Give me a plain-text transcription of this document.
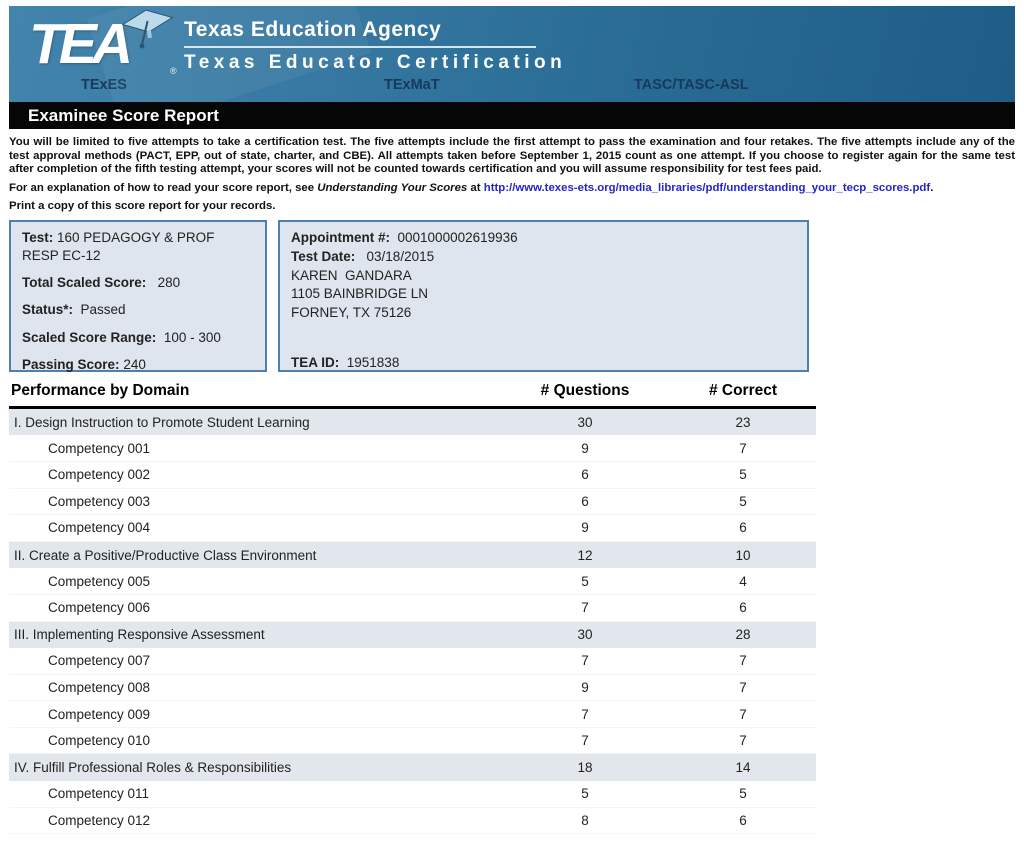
TEA	®
Texas Education Agency
Texas Educator Certification
TExES	TExMaT	TASC/TASC-ASL
Examinee Score Report
You will be limited to five attempts to take a certification test. The five attempts include the first attempt to pass the examination and four retakes. The five attempts include any of the test approval methods (PACT, EPP, out of state, charter, and CBE). All attempts taken before September 1, 2015 count as one attempt. If you choose to register again for the same test after completion of the fifth testing attempt, your scores will not be counted towards certification and you will assume responsibility for test fees paid.
For an explanation of how to read your score report, see Understanding Your Scores at http://www.texes-ets.org/media_libraries/pdf/understanding_your_tecp_scores.pdf.
Print a copy of this score report for your records.
Test: 160 PEDAGOGY & PROF RESP EC-12
Total Scaled Score: 280
Status*: Passed
Scaled Score Range: 100 - 300
Passing Score: 240
Appointment #: 0001000002619936
Test Date: 03/18/2015
KAREN  GANDARA
1105 BAINBRIDGE LN
FORNEY, TX 75126
TEA ID: 1951838
Performance by Domain	# Questions	# Correct
I. Design Instruction to Promote Student Learning	30	23
Competency 001	9	7
Competency 002	6	5
Competency 003	6	5
Competency 004	9	6
II. Create a Positive/Productive Class Environment	12	10
Competency 005	5	4
Competency 006	7	6
III. Implementing Responsive Assessment	30	28
Competency 007	7	7
Competency 008	9	7
Competency 009	7	7
Competency 010	7	7
IV. Fulfill Professional Roles & Responsibilities	18	14
Competency 011	5	5
Competency 012	8	6
